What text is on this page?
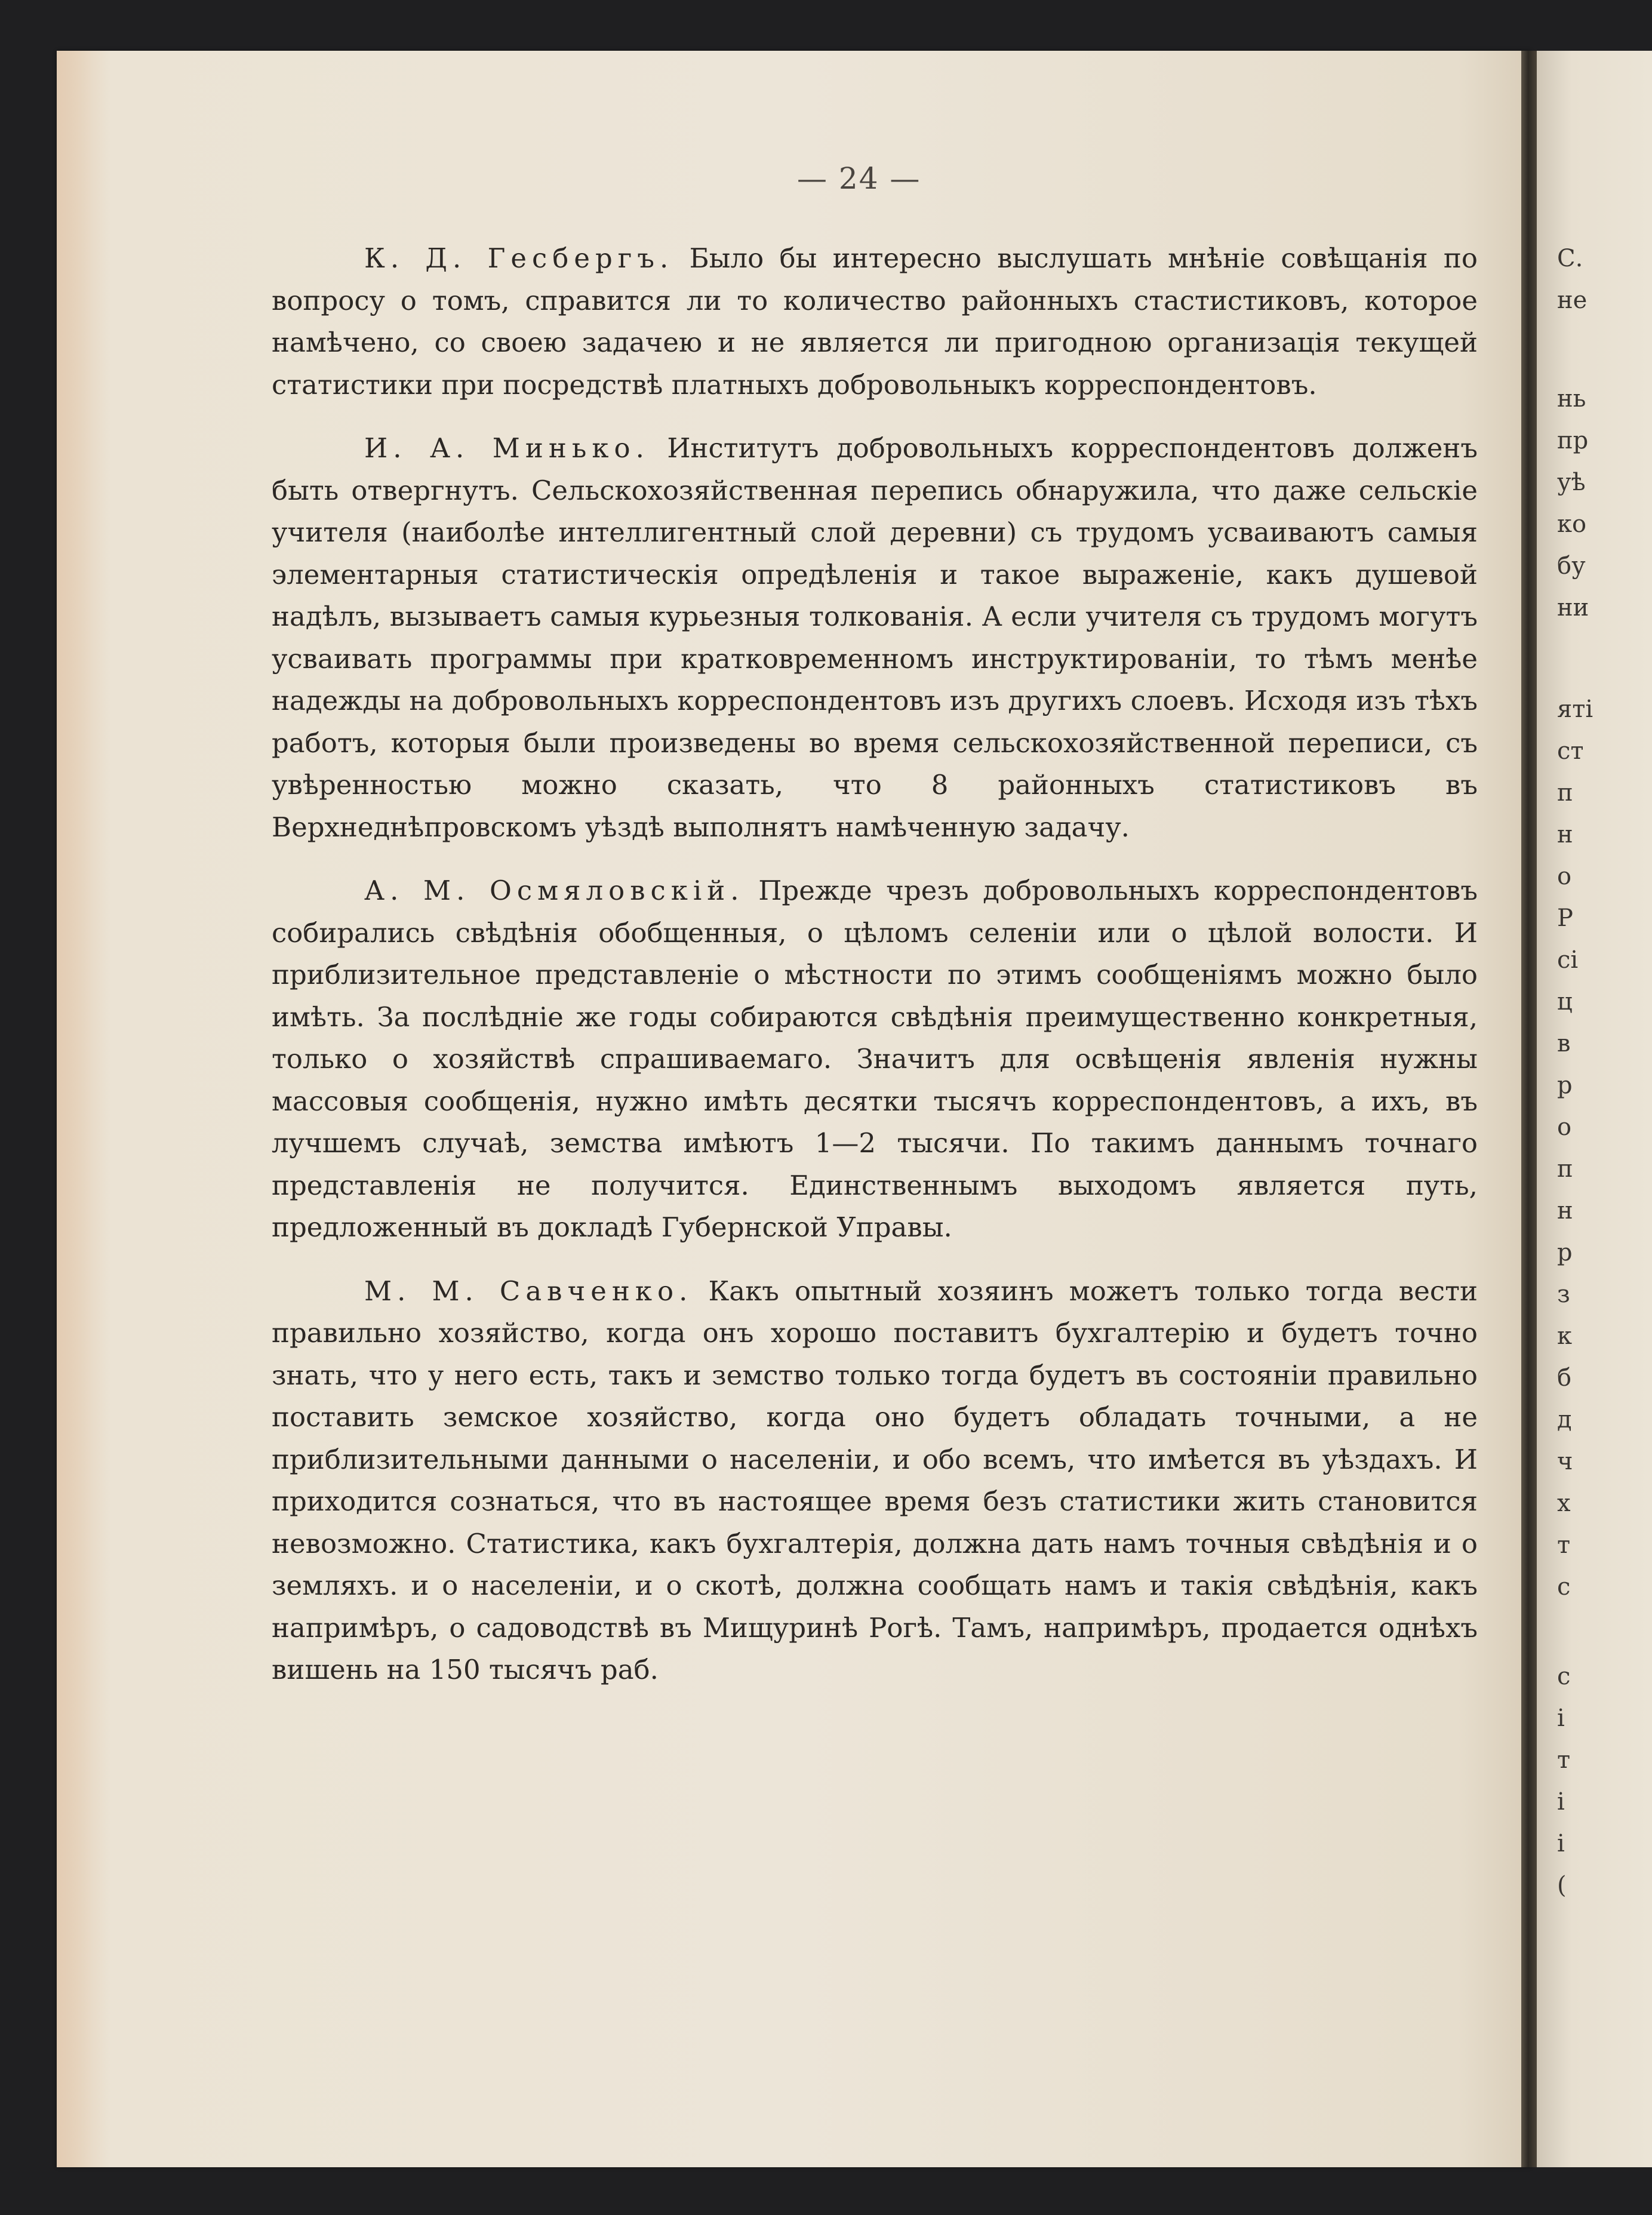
С.
не
нь
пр
уѣ
ко
бу
ни
яті
ст
п
н
о
Р
сі
ц
в
р
о
п
н
р
з
к
б
д
ч
х
т
с
с
і
т
і
і
(
— 24 —

К. Д. Гесбергъ. Было бы интересно выслушать мнѣніе совѣщанія по вопросу о томъ, справится ли то количество районныхъ стастистиковъ, которое намѣчено, со своею задачею и не является ли пригодною организація текущей статистики при посредствѣ платныхъ добровольныкъ корреспондентовъ.

И. А. Минько. Институтъ добровольныхъ корреспондентовъ долженъ быть отвергнутъ. Сельскохозяйственная перепись обнаружила, что даже сельскіе учителя (наиболѣе интеллигентный слой деревни) съ трудомъ усваиваютъ самыя элементарныя статистическія опредѣленія и такое вырaженіе, какъ душевой надѣлъ, вызываетъ самыя курьезныя толкованія. А если учителя съ трудомъ могутъ усваивать программы при кратковременномъ инструктированіи, то тѣмъ менѣе надежды на добровольныхъ корреспондентовъ изъ другихъ слоевъ. Исходя изъ тѣхъ работъ, которыя были произведены во время сельскохозяйственной переписи, съ увѣренностью можно сказать, что 8 районныхъ статистиковъ въ Верхнеднѣпровскомъ уѣздѣ выполнятъ намѣченную задачу.

А. М. Осмяловскій. Прежде чрезъ добровольныхъ корреспондентовъ собирались свѣдѣнія обобщенныя, о цѣломъ селеніи или о цѣлой волости. И приблизительное представленіе о мѣстности по этимъ сообщеніямъ можно было имѣть. За послѣдніе же годы собираются свѣдѣнія преимущественно конкретныя, только о хозяйствѣ спрашиваемаго. Значитъ для освѣщенія явленія нужны массовыя сообщенія, нужно имѣть десятки тысячъ корреспондентовъ, а ихъ, въ лучшемъ случаѣ, земства имѣютъ 1—2 тысячи. По такимъ даннымъ точнаго представленія не получится. Единственнымъ выходомъ является путь, предложенный въ докладѣ Губернской Управы.

М. М. Савченко. Какъ опытный хозяинъ можетъ только тогда вести правильно хозяйство, когда онъ хорошо поставитъ бухгалтерію и будетъ точно знать, что у него есть, такъ и земство только тогда будетъ въ состояніи правильно поставить земское хозяйство, когда оно будетъ обладать точными, а не приблизительными данными о населеніи, и обо всемъ, что имѣется въ уѣздахъ. И приходится сознаться, что въ настоящее время безъ статистики жить становится невозможно. Статистика, какъ бухгалтерія, должна дать намъ точныя свѣдѣнія и о земляхъ. и о населеніи, и о скотѣ, должна сообщать намъ и такія свѣдѣнія, какъ напримѣръ, о садоводствѣ въ Мищуринѣ Рогѣ. Тамъ, напримѣръ, продается однѣхъ вишень на 150 тысячъ раб.
